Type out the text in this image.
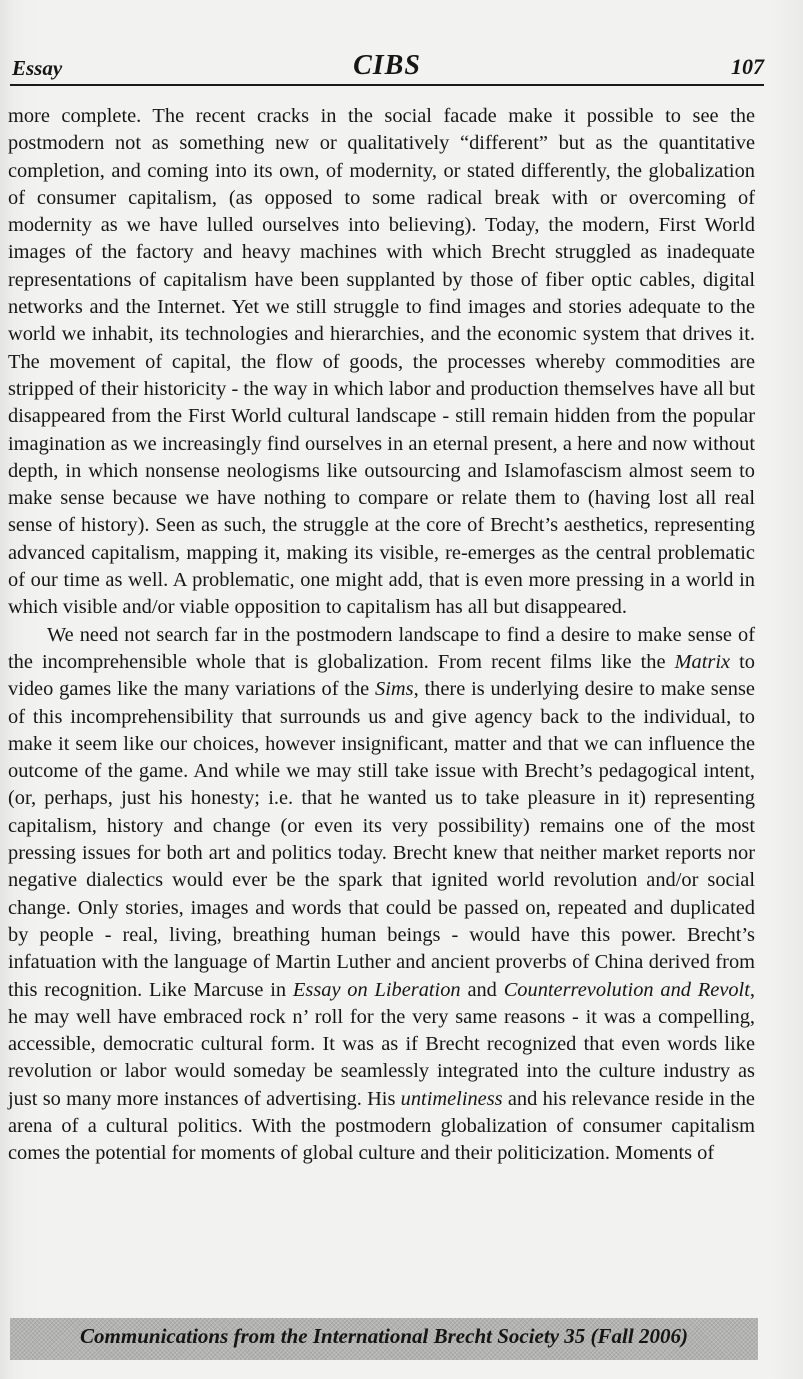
Essay	CIBS	107

more complete. The recent cracks in the social facade make it possible to see the postmodern not as something new or qualitatively “different” but as the quantitative completion, and coming into its own, of modernity, or stated differently, the globalization of consumer capitalism, (as opposed to some radical break with or overcoming of modernity as we have lulled ourselves into believing). Today, the modern, First World images of the factory and heavy machines with which Brecht struggled as inadequate representations of capitalism have been supplanted by those of fiber optic cables, digital networks and the Internet. Yet we still struggle to find images and stories adequate to the world we inhabit, its technologies and hierarchies, and the economic system that drives it. The movement of capital, the flow of goods, the processes whereby commodities are stripped of their historicity - the way in which labor and production themselves have all but disappeared from the First World cultural landscape - still remain hidden from the popular imagination as we increasingly find ourselves in an eternal present, a here and now without depth, in which nonsense neologisms like outsourcing and Islamofascism almost seem to make sense because we have nothing to compare or relate them to (having lost all real sense of history). Seen as such, the struggle at the core of Brecht’s aesthetics, representing advanced capitalism, mapping it, making its visible, re-emerges as the central problematic of our time as well. A problematic, one might add, that is even more pressing in a world in which visible and/or viable opposition to capitalism has all but disappeared.

We need not search far in the postmodern landscape to find a desire to make sense of the incomprehensible whole that is globalization. From recent films like the Matrix to video games like the many variations of the Sims, there is underlying desire to make sense of this incomprehensibility that surrounds us and give agency back to the individual, to make it seem like our choices, however insignificant, matter and that we can influence the outcome of the game. And while we may still take issue with Brecht’s pedagogical intent, (or, perhaps, just his honesty; i.e. that he wanted us to take pleasure in it) representing capitalism, history and change (or even its very possibility) remains one of the most pressing issues for both art and politics today. Brecht knew that neither market reports nor negative dialectics would ever be the spark that ignited world revolution and/or social change. Only stories, images and words that could be passed on, repeated and duplicated by people - real, living, breathing human beings - would have this power. Brecht’s infatuation with the language of Martin Luther and ancient proverbs of China derived from this recognition. Like Marcuse in Essay on Liberation and Counterrevolution and Revolt, he may well have embraced rock n’ roll for the very same reasons - it was a compelling, accessible, democratic cultural form. It was as if Brecht recognized that even words like revolution or labor would someday be seamlessly integrated into the culture industry as just so many more instances of advertising. His untimeliness and his relevance reside in the arena of a cultural politics. With the postmodern globalization of consumer capitalism comes the potential for moments of global culture and their politicization. Moments of

Communications from the International Brecht Society 35 (Fall 2006)
